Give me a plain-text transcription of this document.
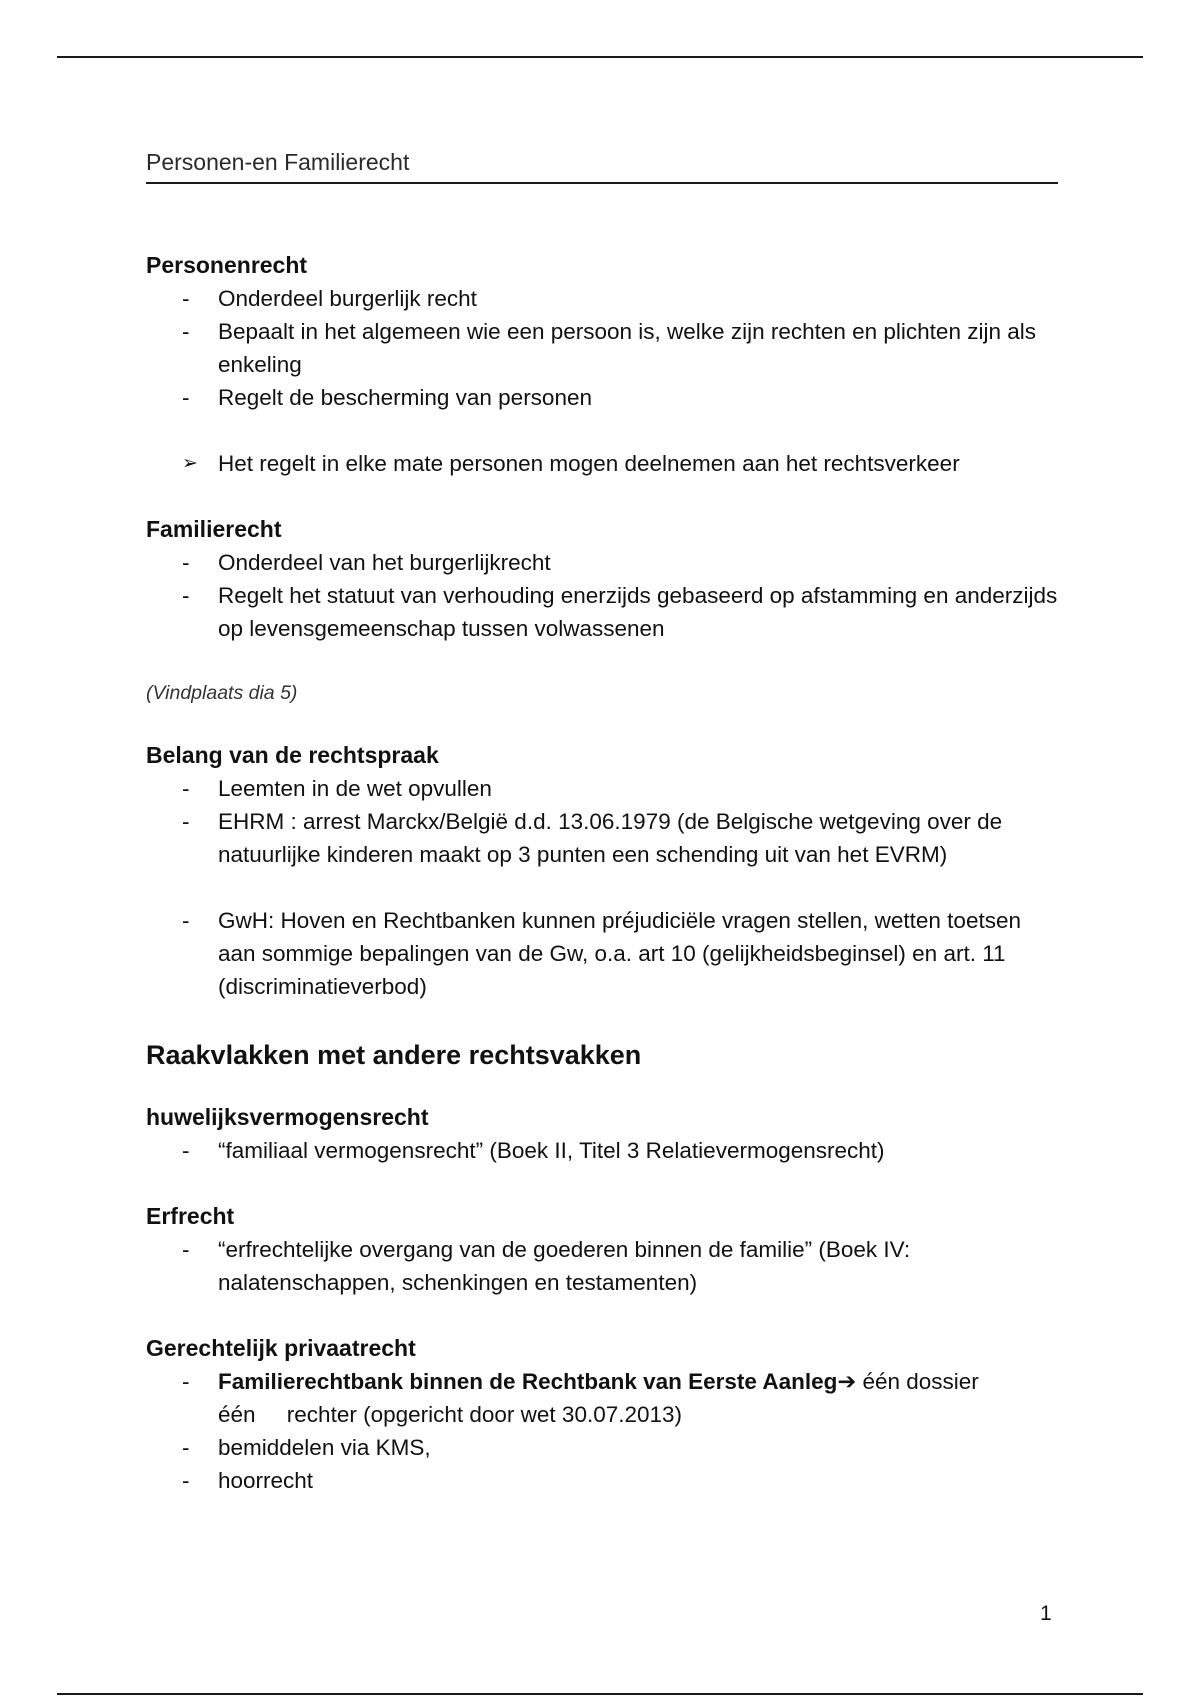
Personen-en Familierecht
Personenrecht
- Onderdeel burgerlijk recht
- Bepaalt in het algemeen wie een persoon is, welke zijn rechten en plichten zijn als enkeling
- Regelt de bescherming van personen
➢ Het regelt in elke mate personen mogen deelnemen aan het rechtsverkeer
Familierecht
- Onderdeel van het burgerlijkrecht
- Regelt het statuut van verhouding enerzijds gebaseerd op afstamming en anderzijds op levensgemeenschap tussen volwassenen
(Vindplaats dia 5)
Belang van de rechtspraak
- Leemten in de wet opvullen
- EHRM : arrest Marckx/België d.d. 13.06.1979 (de Belgische wetgeving over de natuurlijke kinderen maakt op 3 punten een schending uit van het EVRM)
- GwH: Hoven en Rechtbanken kunnen préjudiciële vragen stellen, wetten toetsen aan sommige bepalingen van de Gw, o.a. art 10 (gelijkheidsbeginsel) en art. 11 (discriminatieverbod)
Raakvlakken met andere rechtsvakken
huwelijksvermogensrecht
- “familiaal vermogensrecht” (Boek II, Titel 3 Relatievermogensrecht)
Erfrecht
- “erfrechtelijke overgang van de goederen binnen de familie” (Boek IV: nalatenschappen, schenkingen en testamenten)
Gerechtelijk privaatrecht
- Familierechtbank binnen de Rechtbank van Eerste Aanleg➔ één dossier
één     rechter (opgericht door wet 30.07.2013)
- bemiddelen via KMS,
- hoorrecht
1
